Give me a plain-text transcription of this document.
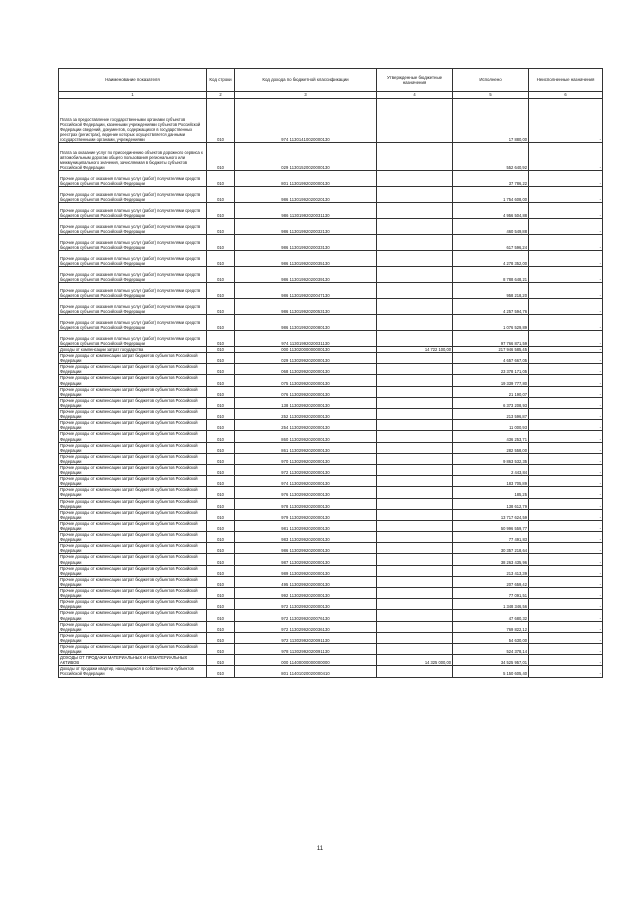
Наименование показателя	Код строки	Код дохода по бюджетной классификации	Утвержденные бюджетные назначения	Исполнено	Неисполненные назначения
1	2	3	4	5	6
Плата за предоставление государственными органами субъектов Российской Федерации, казенными учреждениями субъектов Российской Федерации сведений, документов, содержащихся в государственных реестрах (регистрах), ведение которых осуществляется данными государственными органами, учреждениями	010	974 11301410020000130		17 880,00	-
Плата за оказание услуг по присоединению объектов дорожного сервиса к автомобильным дорогам общего пользования регионального или межмуниципального значения, зачисляемая в бюджеты субъектов Российской Федерации	010	029 11301520020000130		552 640,92	-
Прочие доходы от оказания платных услуг (работ) получателями средств бюджетов субъектов Российской Федерации	010	801 11301992020000130		37 786,22	-
Прочие доходы от оказания платных услуг (работ) получателями средств бюджетов субъектов Российской Федерации	010	986 11301992020020130		1 754 608,00	-
Прочие доходы от оказания платных услуг (работ) получателями средств бюджетов субъектов Российской Федерации	010	986 11301992020031130		4 956 504,88	-
Прочие доходы от оказания платных услуг (работ) получателями средств бюджетов субъектов Российской Федерации	010	986 11301992020032130		460 549,88	-
Прочие доходы от оказания платных услуг (работ) получателями средств бюджетов субъектов Российской Федерации	010	986 11301992020033130		617 596,24	-
Прочие доходы от оказания платных услуг (работ) получателями средств бюджетов субъектов Российской Федерации	010	986 11301992020035130		4 278 352,00	-
Прочие доходы от оказания платных услуг (работ) получателями средств бюджетов субъектов Российской Федерации	010	986 11301992020039130		8 788 648,21	-
Прочие доходы от оказания платных услуг (работ) получателями средств бюджетов субъектов Российской Федерации	010	986 11301992020047130		958 218,20	-
Прочие доходы от оказания платных услуг (работ) получателями средств бюджетов субъектов Российской Федерации	010	986 11301992020053130		4 257 594,76	-
Прочие доходы от оказания платных услуг (работ) получателями средств бюджетов субъектов Российской Федерации	010	986 11301992020080130		1 076 529,89	-
Прочие доходы от оказания платных услуг (работ) получателями средств бюджетов субъектов Российской Федерации	010	974 11301992020031130		97 766 871,59	-
Доходы от компенсации затрат государства	010	000 11302000000000130	14 722 100,00	217 946 585,45	-
Прочие доходы от компенсации затрат бюджетов субъектов Российской Федерации	010	029 11302992020000130		4 657 667,05	-
Прочие доходы от компенсации затрат бюджетов субъектов Российской Федерации	010	068 11302992020000130		23 378 171,05	-
Прочие доходы от компенсации затрат бюджетов субъектов Российской Федерации	010	075 11302992020000130		19 339 777,80	-
Прочие доходы от компенсации затрат бюджетов субъектов Российской Федерации	010	076 11302992020000130		21 190,07	-
Прочие доходы от компенсации затрат бюджетов субъектов Российской Федерации	010	138 11302992020000130		6 373 208,93	-
Прочие доходы от компенсации затрат бюджетов субъектов Российской Федерации	010	252 11302992020000130		213 596,87	-
Прочие доходы от компенсации затрат бюджетов субъектов Российской Федерации	010	254 11302992020000130		11 000,93	-
Прочие доходы от компенсации затрат бюджетов субъектов Российской Федерации	010	860 11302992020000130		436 253,71	-
Прочие доходы от компенсации затрат бюджетов субъектов Российской Федерации	010	861 11302992020000130		282 558,00	-
Прочие доходы от компенсации затрат бюджетов субъектов Российской Федерации	010	970 11302992020000130		9 863 532,35	-
Прочие доходы от компенсации затрат бюджетов субъектов Российской Федерации	010	972 11302992020000130		2 443,84	-
Прочие доходы от компенсации затрат бюджетов субъектов Российской Федерации	010	974 11302992020000130		183 705,89	-
Прочие доходы от компенсации затрат бюджетов субъектов Российской Федерации	010	976 11302992020000130		185,25	-
Прочие доходы от компенсации затрат бюджетов субъектов Российской Федерации	010	978 11302992020000130		138 612,79	-
Прочие доходы от компенсации затрат бюджетов субъектов Российской Федерации	010	979 11302992020000130		13 717 624,59	-
Прочие доходы от компенсации затрат бюджетов субъектов Российской Федерации	010	981 11302992020000130		50 996 559,77	-
Прочие доходы от компенсации затрат бюджетов субъектов Российской Федерации	010	983 11302992020000130		77 491,83	-
Прочие доходы от компенсации затрат бюджетов субъектов Российской Федерации	010	986 11302992020000130		30 357 218,64	-
Прочие доходы от компенсации затрат бюджетов субъектов Российской Федерации	010	987 11302992020000130		38 263 435,96	-
Прочие доходы от компенсации затрат бюджетов субъектов Российской Федерации	010	989 11302992020000130		213 413,39	-
Прочие доходы от компенсации затрат бюджетов субъектов Российской Федерации	010	495 11302992020000130		207 659,42	-
Прочие доходы от компенсации затрат бюджетов субъектов Российской Федерации	010	992 11302992020000130		77 091,51	-
Прочие доходы от компенсации затрат бюджетов субъектов Российской Федерации	010	972 11302992020000130		1 348 346,56	-
Прочие доходы от компенсации затрат бюджетов субъектов Российской Федерации	010	972 11302992020076130		47 680,32	-
Прочие доходы от компенсации затрат бюджетов субъектов Российской Федерации	010	972 11302992020036130		769 822,12	-
Прочие доходы от компенсации затрат бюджетов субъектов Российской Федерации	010	972 11302992020091130		54 630,00	-
Прочие доходы от компенсации затрат бюджетов субъектов Российской Федерации	010	978 11302992020091130		524 378,14	-
ДОХОДЫ ОТ ПРОДАЖИ МАТЕРИАЛЬНЫХ И НЕМАТЕРИАЛЬНЫХ АКТИВОВ	010	000 11400000000000000	14 325 000,00	34 525 957,01	-
Доходы от продажи квартир, находящихся в собственности субъектов Российской Федерации	010	801 11401020020000410		5 150 605,40	-
11
